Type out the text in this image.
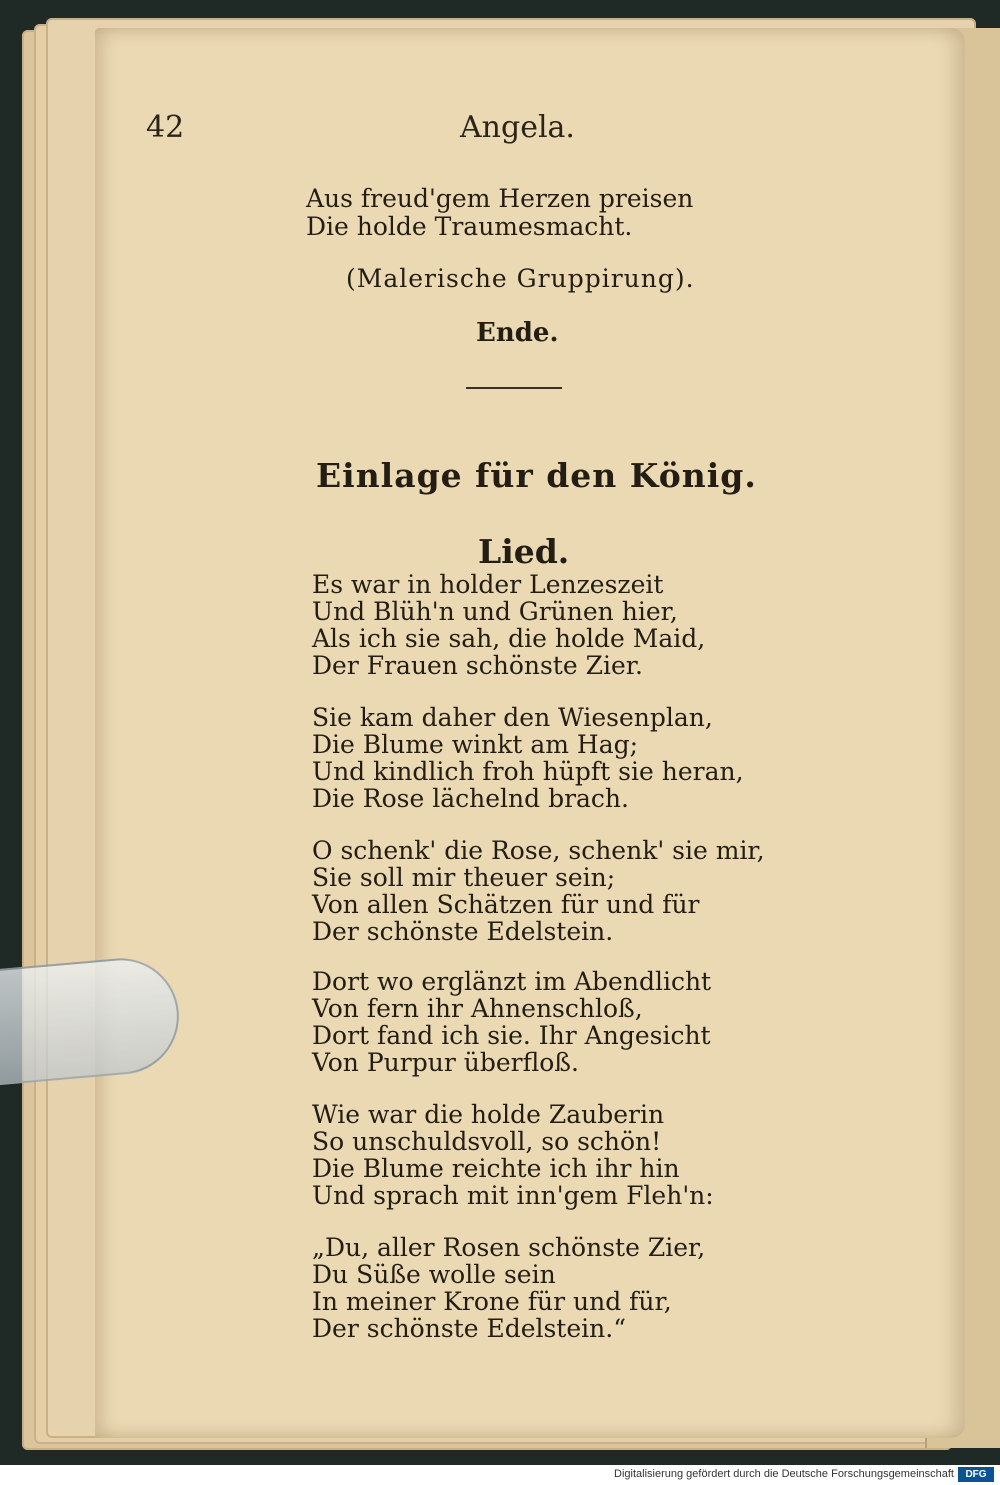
42	Angela.
Aus freud'gem Herzen preisen
Die holde Traumesmacht.
(Malerische Gruppirung).
Ende.
Einlage für den König.
Lied.
Es war in holder Lenzeszeit
Und Blüh'n und Grünen hier,
Als ich sie sah, die holde Maid,
Der Frauen schönste Zier.
Sie kam daher den Wiesenplan,
Die Blume winkt am Hag;
Und kindlich froh hüpft sie heran,
Die Rose lächelnd brach.
O schenk' die Rose, schenk' sie mir,
Sie soll mir theuer sein;
Von allen Schätzen für und für
Der schönste Edelstein.
Dort wo erglänzt im Abendlicht
Von fern ihr Ahnenschloß,
Dort fand ich sie. Ihr Angesicht
Von Purpur überfloß.
Wie war die holde Zauberin
So unschuldsvoll, so schön!
Die Blume reichte ich ihr hin
Und sprach mit inn'gem Fleh'n:
„Du, aller Rosen schönste Zier,
Du Süße wolle sein
In meiner Krone für und für,
Der schönste Edelstein.“
Digitalisierung gefördert durch die Deutsche Forschungsgemeinschaft	DFG
